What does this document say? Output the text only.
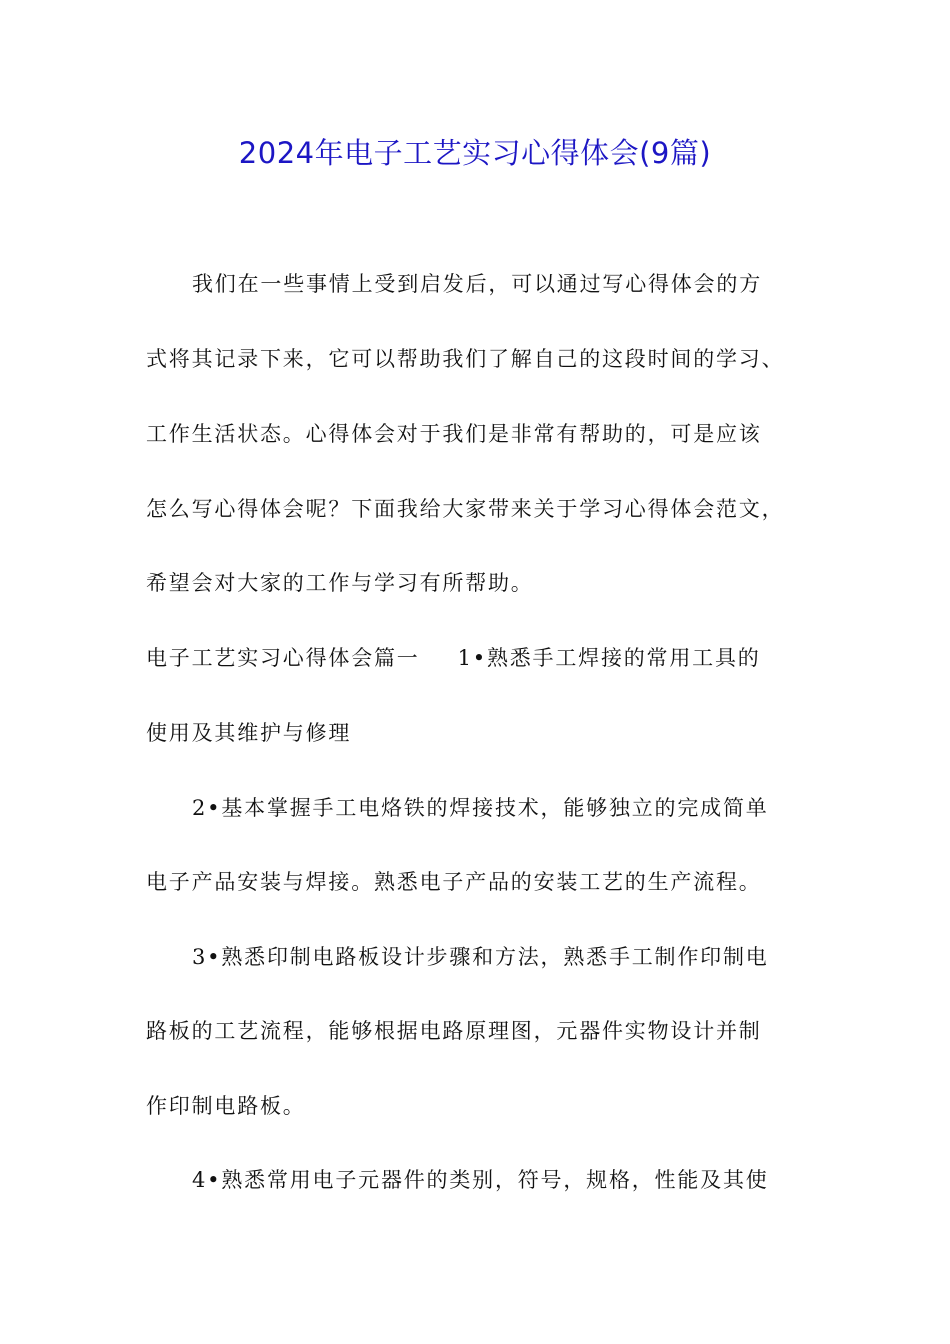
2024年电子工艺实习心得体会(9篇)
我们在一些事情上受到启发后，可以通过写心得体会的方
式将其记录下来，它可以帮助我们了解自己的这段时间的学习、
工作生活状态。心得体会对于我们是非常有帮助的，可是应该
怎么写心得体会呢？下面我给大家带来关于学习心得体会范文，
希望会对大家的工作与学习有所帮助。
电子工艺实习心得体会篇一 1•熟悉手工焊接的常用工具的
使用及其维护与修理
2•基本掌握手工电烙铁的焊接技术，能够独立的完成简单
电子产品安装与焊接。熟悉电子产品的安装工艺的生产流程。
3•熟悉印制电路板设计步骤和方法，熟悉手工制作印制电
路板的工艺流程，能够根据电路原理图，元器件实物设计并制
作印制电路板。
4•熟悉常用电子元器件的类别，符号，规格，性能及其使
